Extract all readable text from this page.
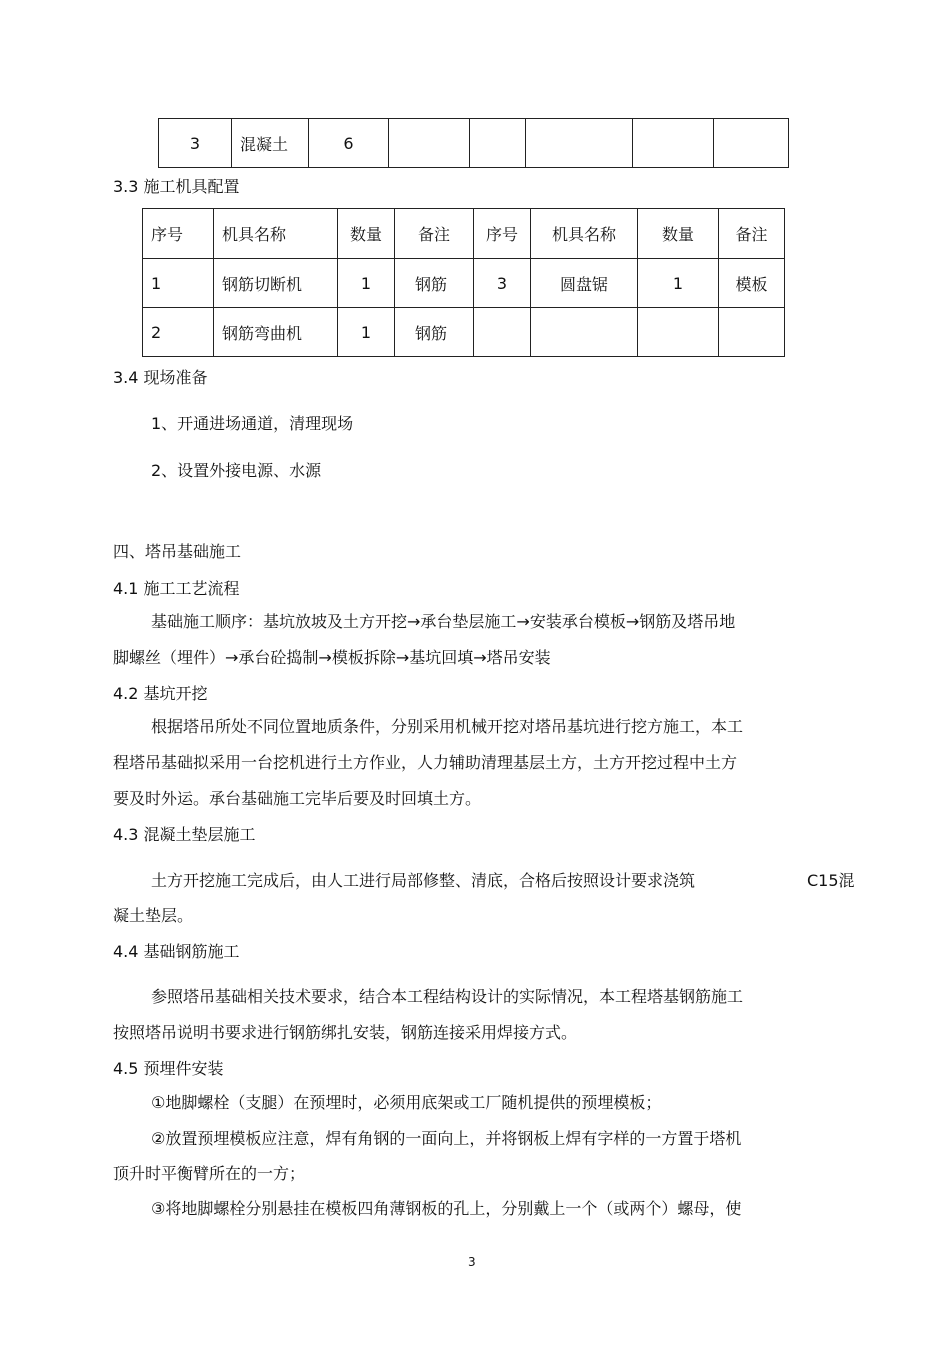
3	混凝土	6					
3.3 施工机具配置
序号	机具名称	数量	备注	序号	机具名称	数量	备注
1	钢筋切断机	1	钢筋	3	圆盘锯	1	模板
2	钢筋弯曲机	1	钢筋				
3.4 现场准备
1、开通进场通道，清理现场
2、设置外接电源、水源
四、塔吊基础施工
4.1 施工工艺流程
基础施工顺序：基坑放坡及土方开挖→承台垫层施工→安装承台模板→钢筋及塔吊地
脚螺丝（埋件）→承台砼捣制→模板拆除→基坑回填→塔吊安装
4.2 基坑开挖
根据塔吊所处不同位置地质条件，分别采用机械开挖对塔吊基坑进行挖方施工，本工
程塔吊基础拟采用一台挖机进行土方作业，人力辅助清理基层土方，土方开挖过程中土方
要及时外运。承台基础施工完毕后要及时回填土方。
4.3 混凝土垫层施工
土方开挖施工完成后，由人工进行局部修整、清底，合格后按照设计要求浇筑	C15混
凝土垫层。
4.4 基础钢筋施工
参照塔吊基础相关技术要求，结合本工程结构设计的实际情况，本工程塔基钢筋施工
按照塔吊说明书要求进行钢筋绑扎安装，钢筋连接采用焊接方式。
4.5 预埋件安装
①地脚螺栓（支腿）在预埋时，必须用底架或工厂随机提供的预埋模板；
②放置预埋模板应注意，焊有角钢的一面向上，并将钢板上焊有字样的一方置于塔机
顶升时平衡臂所在的一方；
③将地脚螺栓分别悬挂在模板四角薄钢板的孔上，分别戴上一个（或两个）螺母，使
3
